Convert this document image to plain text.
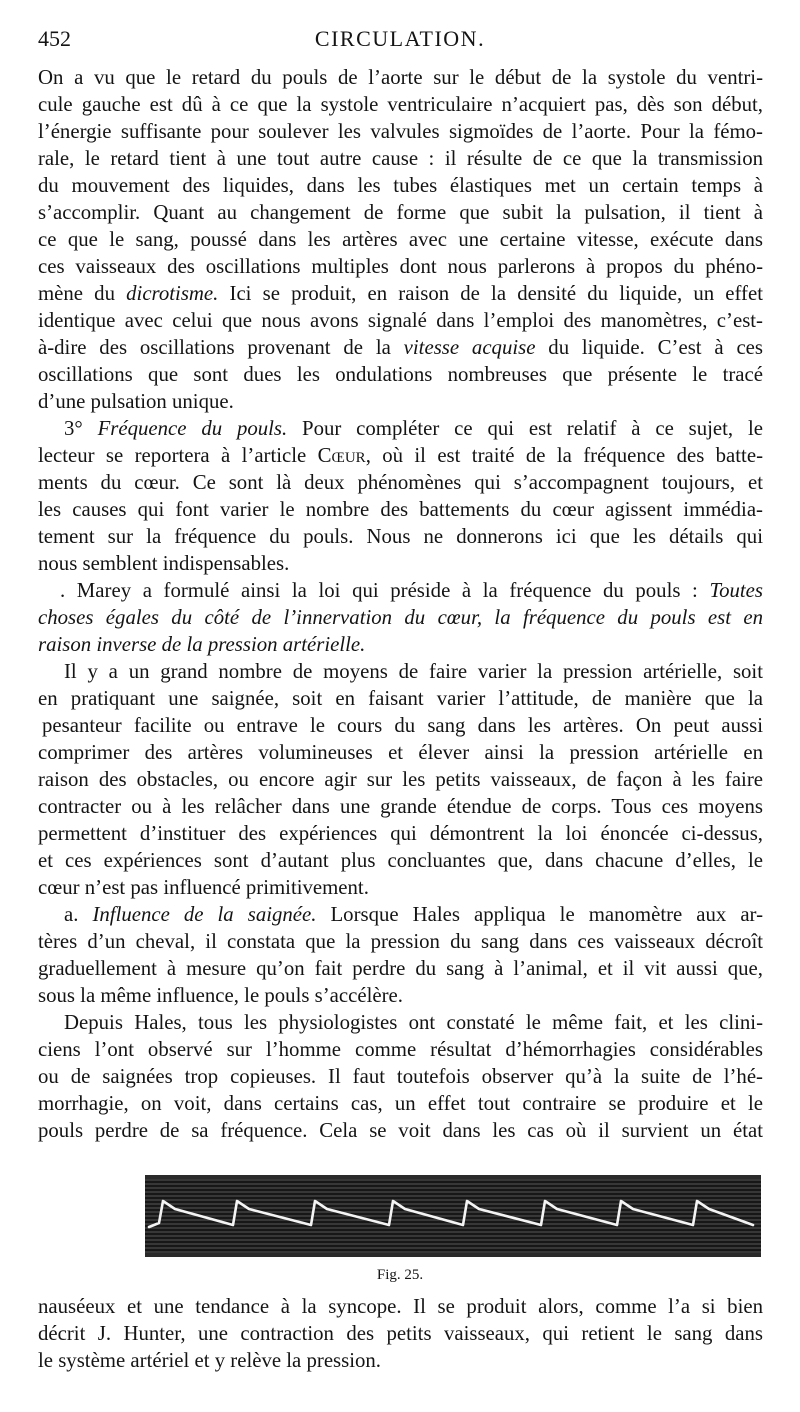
452	CIRCULATION.
On a vu que le retard du pouls de l’aorte sur le début de la systole du ventri-
cule gauche est dû à ce que la systole ventriculaire n’acquiert pas, dès son début,
l’énergie suffisante pour soulever les valvules sigmoïdes de l’aorte. Pour la fémo-
rale, le retard tient à une tout autre cause : il résulte de ce que la transmission
du mouvement des liquides, dans les tubes élastiques met un certain temps à
s’accomplir. Quant au changement de forme que subit la pulsation, il tient à
ce que le sang, poussé dans les artères avec une certaine vitesse, exécute dans
ces vaisseaux des oscillations multiples dont nous parlerons à propos du phéno-
mène du dicrotisme. Ici se produit, en raison de la densité du liquide, un effet
identique avec celui que nous avons signalé dans l’emploi des manomètres, c’est-
à-dire des oscillations provenant de la vitesse acquise du liquide. C’est à ces
oscillations que sont dues les ondulations nombreuses que présente le tracé
d’une pulsation unique.
3° Fréquence du pouls. Pour compléter ce qui est relatif à ce sujet, le
lecteur se reportera à l’article Cœur, où il est traité de la fréquence des batte-
ments du cœur. Ce sont là deux phénomènes qui s’accompagnent toujours, et
les causes qui font varier le nombre des battements du cœur agissent immédia-
tement sur la fréquence du pouls. Nous ne donnerons ici que les détails qui
nous semblent indispensables.
. Marey a formulé ainsi la loi qui préside à la fréquence du pouls : Toutes
choses égales du côté de l’innervation du cœur, la fréquence du pouls est en
raison inverse de la pression artérielle.
Il y a un grand nombre de moyens de faire varier la pression artérielle, soit
en pratiquant une saignée, soit en faisant varier l’attitude, de manière que la
pesanteur facilite ou entrave le cours du sang dans les artères. On peut aussi
comprimer des artères volumineuses et élever ainsi la pression artérielle en
raison des obstacles, ou encore agir sur les petits vaisseaux, de façon à les faire
contracter ou à les relâcher dans une grande étendue de corps. Tous ces moyens
permettent d’instituer des expériences qui démontrent la loi énoncée ci-dessus,
et ces expériences sont d’autant plus concluantes que, dans chacune d’elles, le
cœur n’est pas influencé primitivement.
a. Influence de la saignée. Lorsque Hales appliqua le manomètre aux ar-
tères d’un cheval, il constata que la pression du sang dans ces vaisseaux décroît
graduellement à mesure qu’on fait perdre du sang à l’animal, et il vit aussi que,
sous la même influence, le pouls s’accélère.
Depuis Hales, tous les physiologistes ont constaté le même fait, et les clini-
ciens l’ont observé sur l’homme comme résultat d’hémorrhagies considérables
ou de saignées trop copieuses. Il faut toutefois observer qu’à la suite de l’hé-
morrhagie, on voit, dans certains cas, un effet tout contraire se produire et le
pouls perdre de sa fréquence. Cela se voit dans les cas où il survient un état
Fig. 25.
nauséeux et une tendance à la syncope. Il se produit alors, comme l’a si bien
décrit J. Hunter, une contraction des petits vaisseaux, qui retient le sang dans
le système artériel et y relève la pression.
